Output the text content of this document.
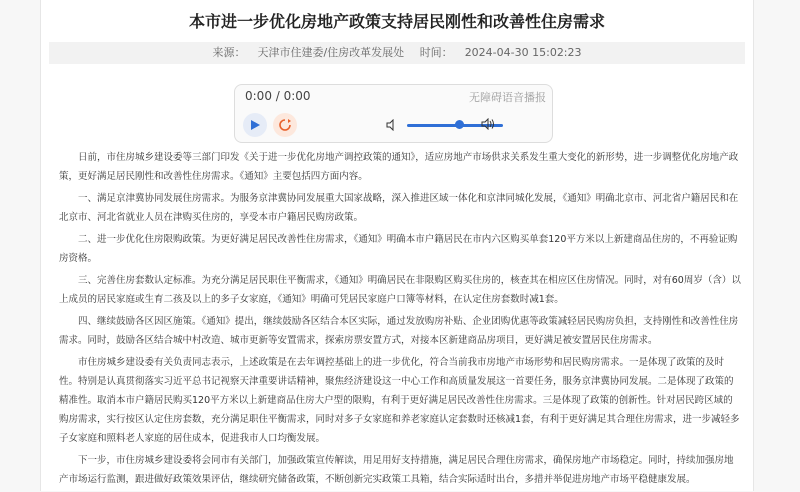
本市进一步优化房地产政策支持居民刚性和改善性住房需求
来源： 天津市住建委/住房改革发展处 时间： 2024-04-30 15:02:23
0:00 / 0:00	无障碍语音播报

日前，市住房城乡建设委等三部门印发《关于进一步优化房地产调控政策的通知》，适应房地产市场供求关系发生重大变化的新形势，进一步调整优化房地产政策，更好满足居民刚性和改善性住房需求。《通知》主要包括四方面内容。

一、满足京津冀协同发展住房需求。为服务京津冀协同发展重大国家战略，深入推进区域一体化和京津同城化发展，《通知》明确北京市、河北省户籍居民和在北京市、河北省就业人员在津购买住房的，享受本市户籍居民购房政策。

二、进一步优化住房限购政策。为更好满足居民改善性住房需求，《通知》明确本市户籍居民在市内六区购买单套120平方米以上新建商品住房的，不再验证购房资格。

三、完善住房套数认定标准。为充分满足居民职住平衡需求，《通知》明确居民在非限购区购买住房的，核查其在相应区住房情况。同时，对有60周岁（含）以上成员的居民家庭或生育二孩及以上的多子女家庭，《通知》明确可凭居民家庭户口簿等材料，在认定住房套数时减1套。

四、继续鼓励各区因区施策。《通知》提出，继续鼓励各区结合本区实际，通过发放购房补贴、企业团购优惠等政策减轻居民购房负担，支持刚性和改善性住房需求。同时，鼓励各区结合城中村改造、城市更新等安置需求，探索房票安置方式，对接本区新建商品房项目，更好满足被安置居民住房需求。

市住房城乡建设委有关负责同志表示，上述政策是在去年调控基础上的进一步优化，符合当前我市房地产市场形势和居民购房需求。一是体现了政策的及时性。特别是认真贯彻落实习近平总书记视察天津重要讲话精神，聚焦经济建设这一中心工作和高质量发展这一首要任务，服务京津冀协同发展。二是体现了政策的精准性。取消本市户籍居民购买120平方米以上新建商品住房大户型的限购，有利于更好满足居民改善性住房需求。三是体现了政策的创新性。针对居民跨区域的购房需求，实行按区认定住房套数，充分满足职住平衡需求，同时对多子女家庭和养老家庭认定套数时还核减1套，有利于更好满足其合理住房需求，进一步减轻多子女家庭和照料老人家庭的居住成本，促进我市人口均衡发展。

下一步，市住房城乡建设委将会同市有关部门，加强政策宣传解读，用足用好支持措施，满足居民合理住房需求，确保房地产市场稳定。同时，持续加强房地产市场运行监测，跟进做好政策效果评估，继续研究储备政策，不断创新完实政策工具箱，结合实际适时出台，多措并举促进房地产市场平稳健康发展。
